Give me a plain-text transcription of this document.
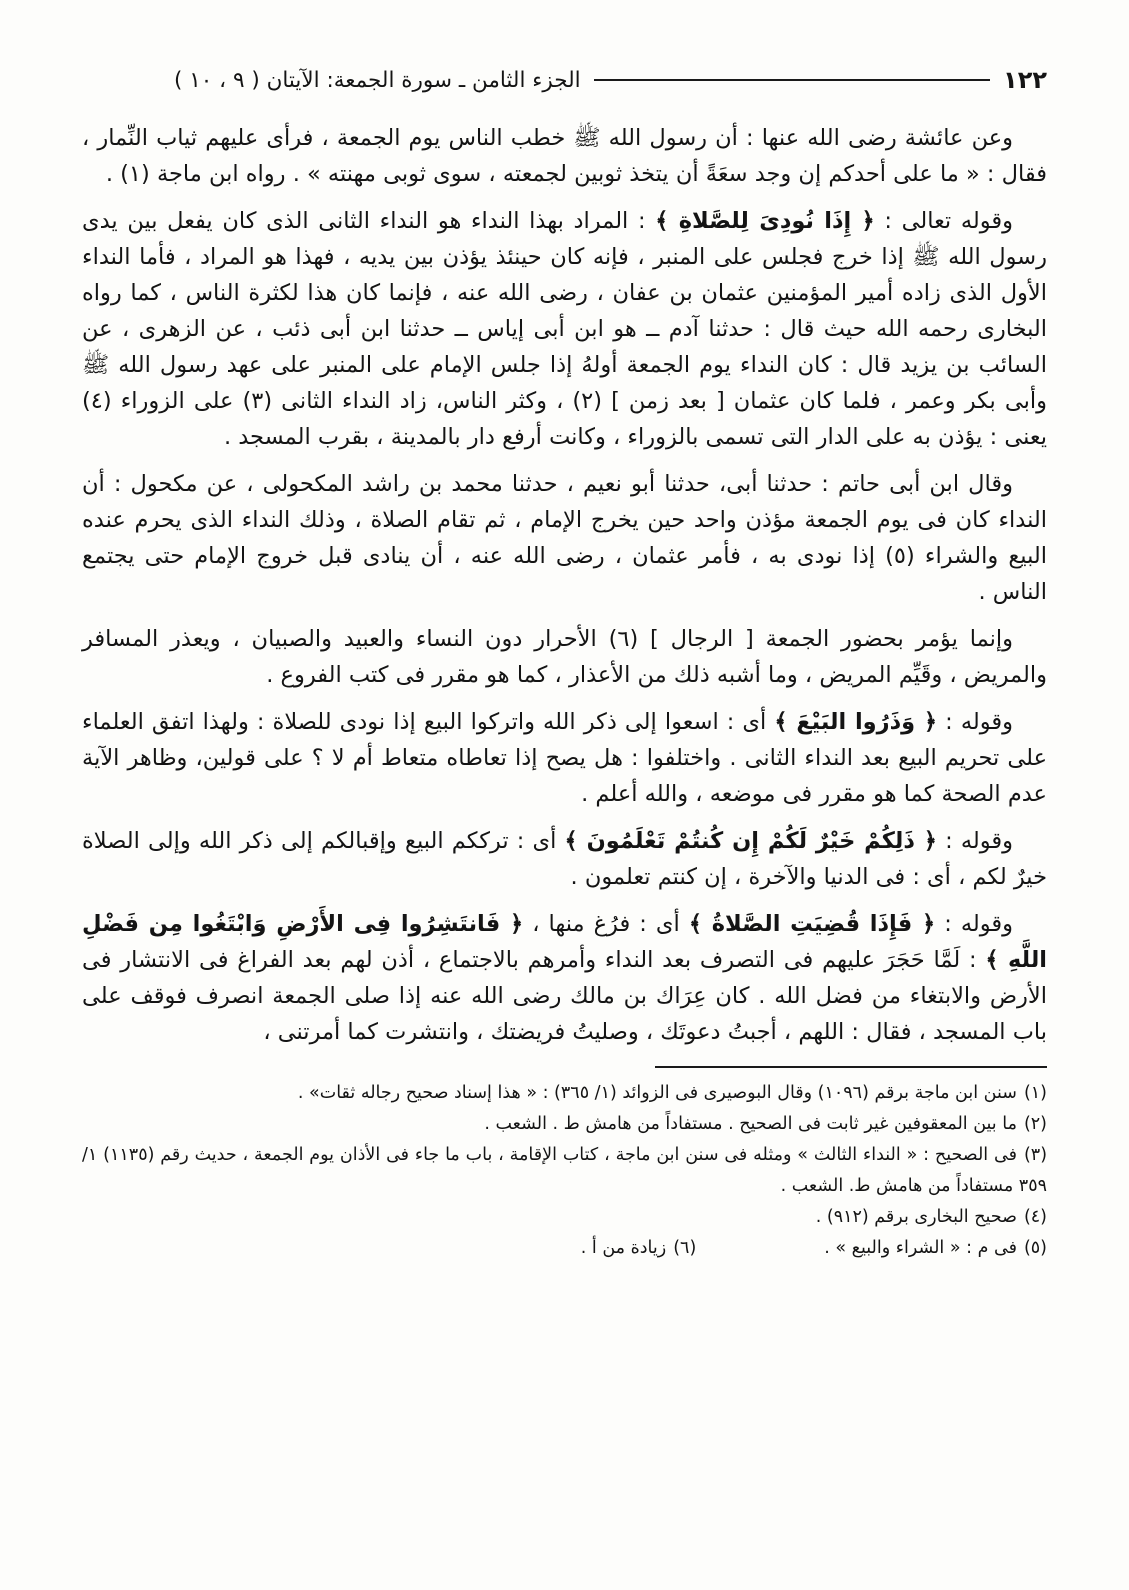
١٢٢
الجزء الثامن ـ سورة الجمعة: الآيتان ( ٩ ، ١٠ )

وعن عائشة رضى الله عنها : أن رسول الله ﷺ خطب الناس يوم الجمعة ، فرأى عليهم ثياب النِّمار ، فقال : « ما على أحدكم إن وجد سعَةً أن يتخذ ثوبين لجمعته ، سوى ثوبى مهنته » . رواه ابن ماجة (١) .

وقوله تعالى : ﴿ إِذَا نُودِىَ لِلصَّلاةِ ﴾ : المراد بهذا النداء هو النداء الثانى الذى كان يفعل بين يدى رسول الله ﷺ إذا خرج فجلس على المنبر ، فإنه كان حينئذ يؤذن بين يديه ، فهذا هو المراد ، فأما النداء الأول الذى زاده أمير المؤمنين عثمان بن عفان ، رضى الله عنه ، فإنما كان هذا لكثرة الناس ، كما رواه البخارى رحمه الله حيث قال : حدثنا آدم ــ هو ابن أبى إياس ــ حدثنا ابن أبى ذئب ، عن الزهرى ، عن السائب بن يزيد قال : كان النداء يوم الجمعة أولهُ إذا جلس الإمام على المنبر على عهد رسول الله ﷺ وأبى بكر وعمر ، فلما كان عثمان [ بعد زمن ] (٢) ، وكثر الناس، زاد النداء الثانى (٣) على الزوراء (٤) يعنى : يؤذن به على الدار التى تسمى بالزوراء ، وكانت أرفع دار بالمدينة ، بقرب المسجد .

وقال ابن أبى حاتم : حدثنا أبى، حدثنا أبو نعيم ، حدثنا محمد بن راشد المكحولى ، عن مكحول : أن النداء كان فى يوم الجمعة مؤذن واحد حين يخرج الإمام ، ثم تقام الصلاة ، وذلك النداء الذى يحرم عنده البيع والشراء (٥) إذا نودى به ، فأمر عثمان ، رضى الله عنه ، أن ينادى قبل خروج الإمام حتى يجتمع الناس .

وإنما يؤمر بحضور الجمعة [ الرجال ] (٦) الأحرار دون النساء والعبيد والصبيان ، ويعذر المسافر والمريض ، وقَيِّم المريض ، وما أشبه ذلك من الأعذار ، كما هو مقرر فى كتب الفروع .

وقوله : ﴿ وَذَرُوا البَيْعَ ﴾ أى : اسعوا إلى ذكر الله واتركوا البيع إذا نودى للصلاة : ولهذا اتفق العلماء على تحريم البيع بعد النداء الثانى . واختلفوا : هل يصح إذا تعاطاه متعاط أم لا ؟ على قولين، وظاهر الآية عدم الصحة كما هو مقرر فى موضعه ، والله أعلم .

وقوله : ﴿ ذَلِكُمْ خَيْرٌ لَكُمْ إِن كُنتُمْ تَعْلَمُونَ ﴾ أى : ترككم البيع وإقبالكم إلى ذكر الله وإلى الصلاة خيرٌ لكم ، أى : فى الدنيا والآخرة ، إن كنتم تعلمون .

وقوله : ﴿ فَإِذَا قُضِيَتِ الصَّلاةُ ﴾ أى : فرُغ منها ، ﴿ فَانتَشِرُوا فِى الأَرْضِ وَابْتَغُوا مِن فَضْلِ اللَّهِ ﴾ : لَمَّا حَجَرَ عليهم فى التصرف بعد النداء وأمرهم بالاجتماع ، أذن لهم بعد الفراغ فى الانتشار فى الأرض والابتغاء من فضل الله . كان عِرَاك بن مالك رضى الله عنه إذا صلى الجمعة انصرف فوقف على باب المسجد ، فقال : اللهم ، أجبتُ دعوتَك ، وصليتُ فريضتك ، وانتشرت كما أمرتنى ،

(١)سنن ابن ماجة برقم (١٠٩٦) وقال البوصيرى فى الزوائد (١/ ٣٦٥) : « هذا إسناد صحيح رجاله ثقات» .
(٢)ما بين المعقوفين غير ثابت فى الصحيح . مستفاداً من هامش ط . الشعب .
(٣)فى الصحيح : « النداء الثالث » ومثله فى سنن ابن ماجة ، كتاب الإقامة ، باب ما جاء فى الأذان يوم الجمعة ، حديث رقم (١١٣٥) ١/ ٣٥٩ مستفاداً من هامش ط. الشعب .
(٤)صحيح البخارى برقم (٩١٢) .
(٥)فى م : « الشراء والبيع » .
(٦)زيادة من أ .
